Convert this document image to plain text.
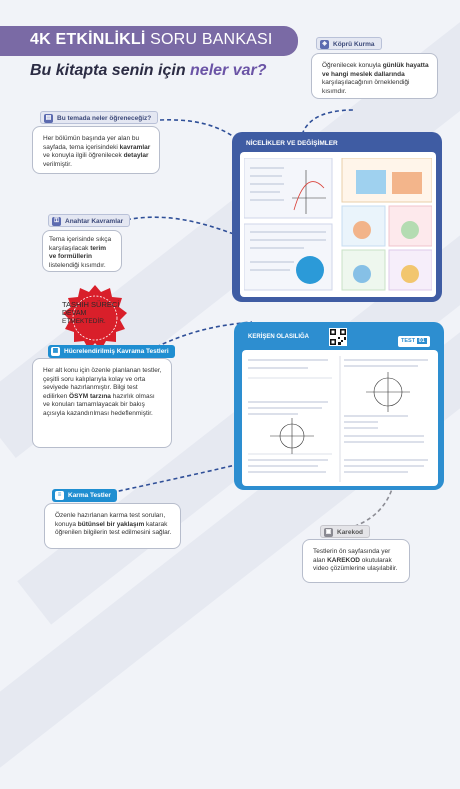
4K ETKİNLİKLİ SORU BANKASI
Bu kitapta senin için neler var?
◈ Köprü Kurma
Öğrenilecek konuyla günlük hayatta ve hangi meslek dallarında karşılaşılacağının örneklendiği kısımdır.
▤ Bu temada neler öğreneceğiz?
Her bölümün başında yer alan bu sayfada, tema içerisindeki kavramlar ve konuyla ilgili öğrenilecek detaylar verilmiştir.
⚿ Anahtar Kavramlar
Tema içerisinde sıkça karşılaşılacak terim ve formüllerin listelendiği kısımdır.
TASHİH SÜRECİ
DEVAM
ETMEKTEDİR.
▦ Hücrelendirilmiş Kavrama Testleri
Her alt konu için özenle planlanan testler, çeşitli soru kalıplarıyla kolay ve orta seviyede hazırlanmıştır. Bilgi test edilirken ÖSYM tarzına hazırlık olması ve konuları tamamlayacak bir bakış açısıyla kazandırılması hedeflenmiştir.
≡	Karma Testler
Özenle hazırlanan karma test soruları, konuya bütünsel bir yaklaşım katarak öğrenilen bilgilerin test edilmesini sağlar.	▣ Karekod
Testlerin ön sayfasında yer alan KAREKOD okutularak video çözümlerine ulaşılabilir.
NİCELİKLER VE DEĞİŞİMLER
KERİŞEN OLASILIĞA
TEST 01
